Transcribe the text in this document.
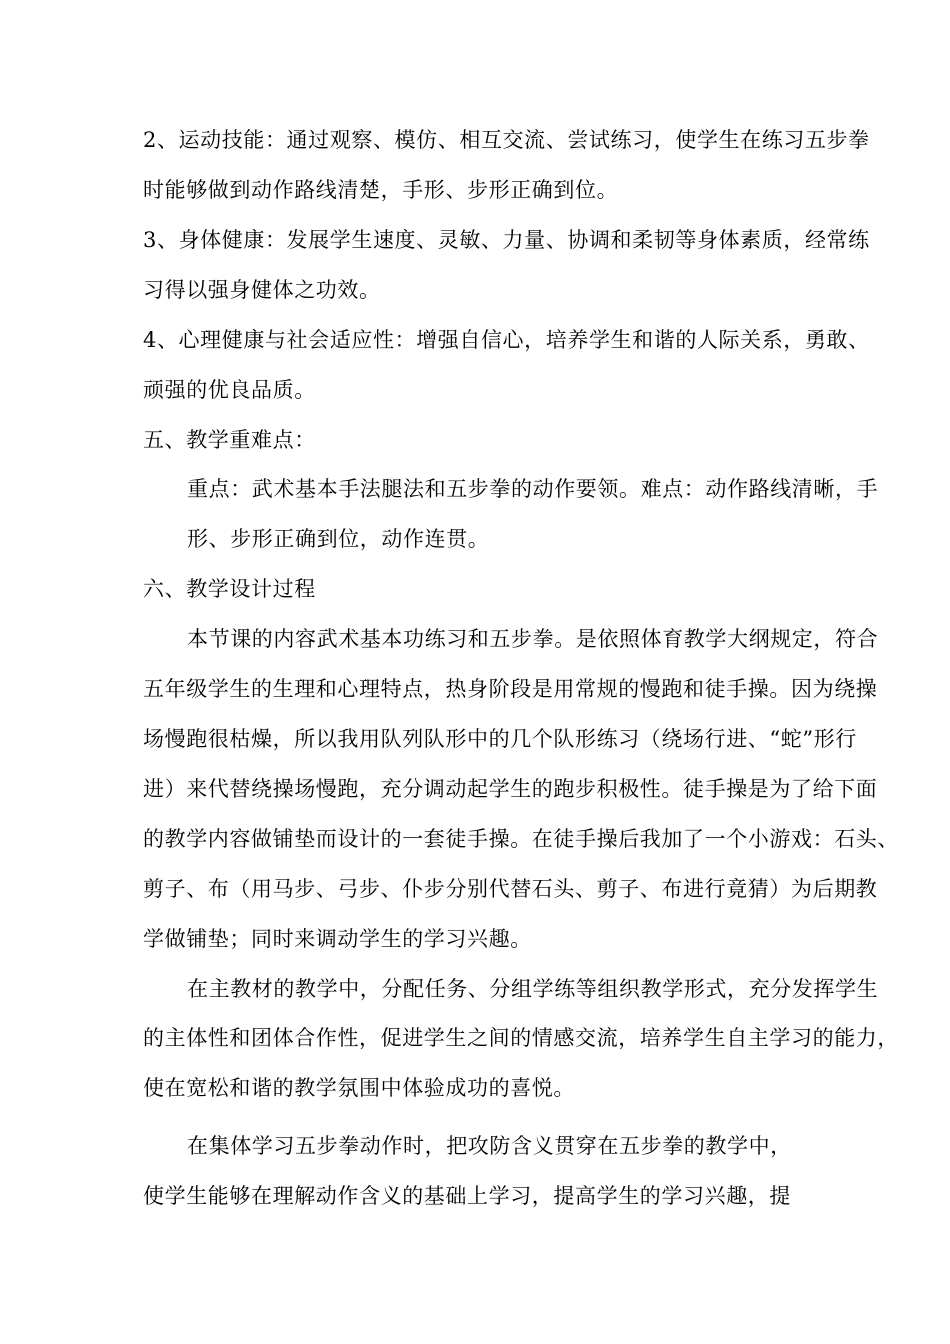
2、运动技能：通过观察、模仿、相互交流、尝试练习，使学生在练习五步拳
时能够做到动作路线清楚，手形、步形正确到位。
3、身体健康：发展学生速度、灵敏、力量、协调和柔韧等身体素质，经常练
习得以强身健体之功效。
4、心理健康与社会适应性：增强自信心，培养学生和谐的人际关系，勇敢、
顽强的优良品质。
五、教学重难点：
重点：武术基本手法腿法和五步拳的动作要领。难点：动作路线清晰，手
形、步形正确到位，动作连贯。
六、教学设计过程
本节课的内容武术基本功练习和五步拳。是依照体育教学大纲规定，符合
五年级学生的生理和心理特点，热身阶段是用常规的慢跑和徒手操。因为绕操
场慢跑很枯燥，所以我用队列队形中的几个队形练习（绕场行进、“蛇”形行
进）来代替绕操场慢跑，充分调动起学生的跑步积极性。徒手操是为了给下面
的教学内容做铺垫而设计的一套徒手操。在徒手操后我加了一个小游戏：石头、
剪子、布（用马步、弓步、仆步分别代替石头、剪子、布进行竟猜）为后期教
学做铺垫；同时来调动学生的学习兴趣。
在主教材的教学中，分配任务、分组学练等组织教学形式，充分发挥学生
的主体性和团体合作性，促进学生之间的情感交流，培养学生自主学习的能力，
使在宽松和谐的教学氛围中体验成功的喜悦。
在集体学习五步拳动作时，把攻防含义贯穿在五步拳的教学中，
使学生能够在理解动作含义的基础上学习，提高学生的学习兴趣，提
